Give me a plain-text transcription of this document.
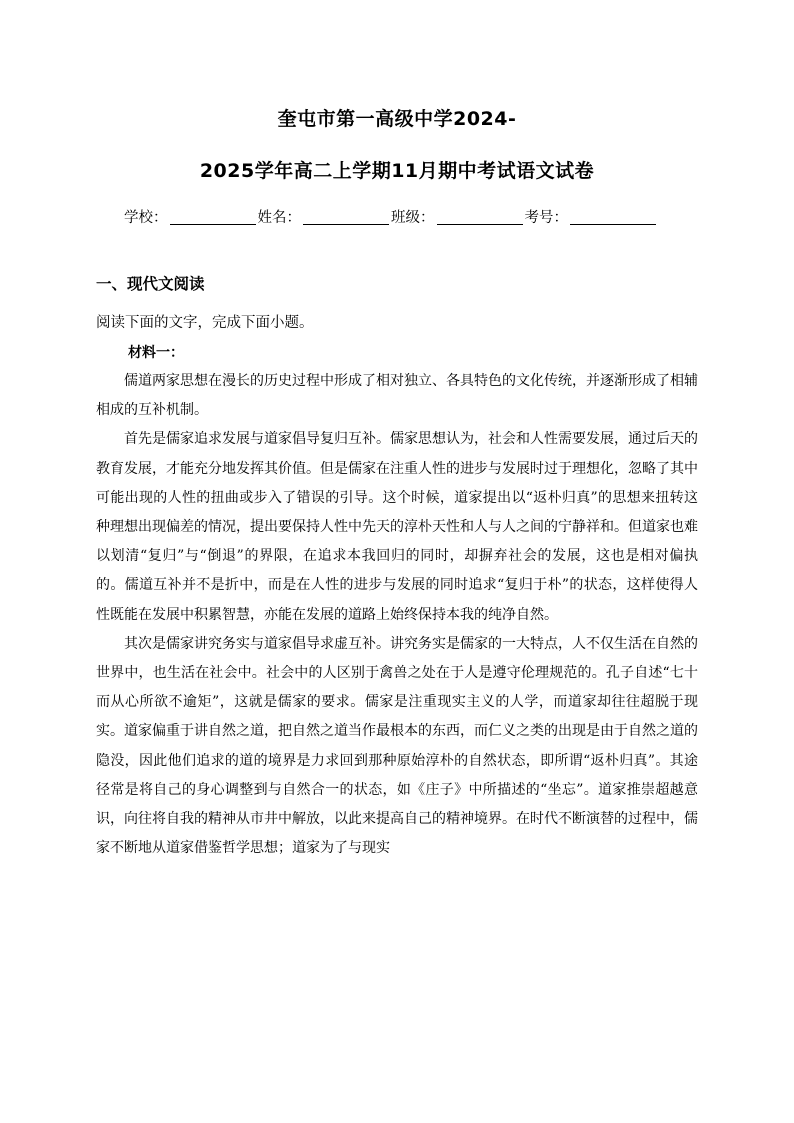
奎屯市第一高级中学2024-
2025学年高二上学期11月期中考试语文试卷
学校：	姓名：	班级：	考号：
一、现代文阅读
阅读下面的文字，完成下面小题。
材料一：

儒道两家思想在漫长的历史过程中形成了相对独立、各具特色的文化传统，并逐渐形成了相辅相成的互补机制。

首先是儒家追求发展与道家倡导复归互补。儒家思想认为，社会和人性需要发展，通过后天的教育发展，才能充分地发挥其价值。但是儒家在注重人性的进步与发展时过于理想化，忽略了其中可能出现的人性的扭曲或步入了错误的引导。这个时候，道家提出以“返朴归真”的思想来扭转这种理想出现偏差的情况，提出要保持人性中先天的淳朴天性和人与人之间的宁静祥和。但道家也难以划清“复归”与“倒退”的界限，在追求本我回归的同时，却摒弃社会的发展，这也是相对偏执的。儒道互补并不是折中，而是在人性的进步与发展的同时追求“复归于朴”的状态，这样使得人性既能在发展中积累智慧，亦能在发展的道路上始终保持本我的纯净自然。

其次是儒家讲究务实与道家倡导求虚互补。讲究务实是儒家的一大特点，人不仅生活在自然的世界中，也生活在社会中。社会中的人区别于禽兽之处在于人是遵守伦理规范的。孔子自述“七十而从心所欲不逾矩”，这就是儒家的要求。儒家是注重现实主义的人学，而道家却往往超脱于现实。道家偏重于讲自然之道，把自然之道当作最根本的东西，而仁义之类的出现是由于自然之道的隐没，因此他们追求的道的境界是力求回到那种原始淳朴的自然状态，即所谓“返朴归真”。其途径常是将自己的身心调整到与自然合一的状态，如《庄子》中所描述的“坐忘”。道家推崇超越意识，向往将自我的精神从市井中解放，以此来提高自己的精神境界。在时代不断演替的过程中，儒家不断地从道家借鉴哲学思想；道家为了与现实
